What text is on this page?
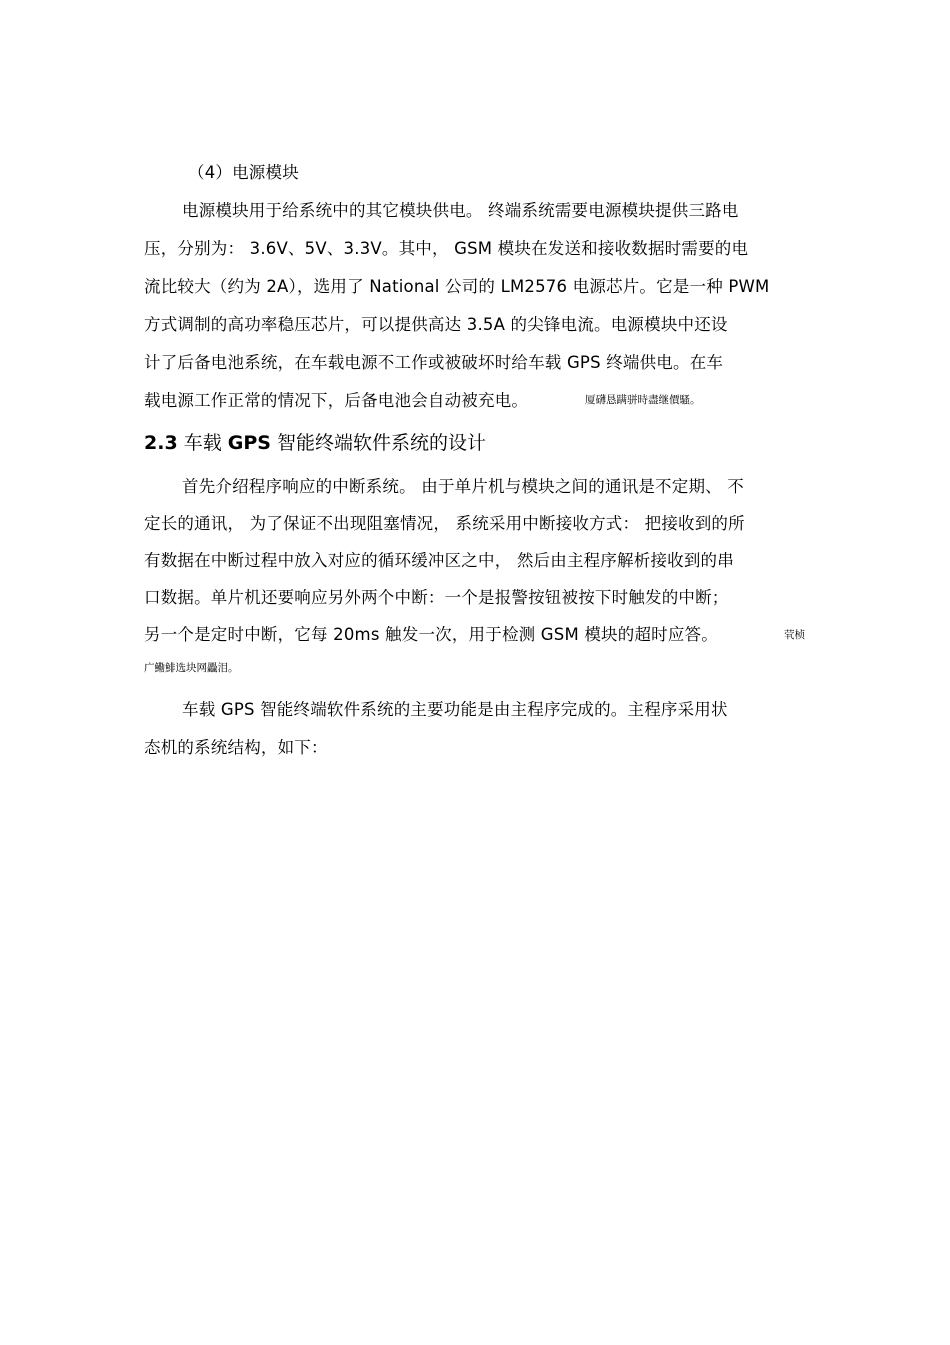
（4）电源模块
电源模块用于给系统中的其它模块供电。 终端系统需要电源模块提供三路电
压，分别为： 3.6V、5V、3.3V。其中， GSM 模块在发送和接收数据时需要的电
流比较大（约为 2A），选用了 National 公司的 LM2576 电源芯片。它是一种 PWM
方式调制的高功率稳压芯片，可以提供高达 3.5A 的尖锋电流。电源模块中还设
计了后备电池系统，在车载电源不工作或被破坏时给车载 GPS 终端供电。在车
载电源工作正常的情况下，后备电池会自动被充电。	厦礴恳蹒骈時盡继價騷。
2.3 车载 GPS 智能终端软件系统的设计
首先介绍程序响应的中断系统。 由于单片机与模块之间的通讯是不定期、 不
定长的通讯， 为了保证不出现阻塞情况， 系统采用中断接收方式： 把接收到的所
有数据在中断过程中放入对应的循环缓冲区之中， 然后由主程序解析接收到的串
口数据。单片机还要响应另外两个中断：一个是报警按钮被按下时触发的中断；
另一个是定时中断，它每 20ms 触发一次，用于检测 GSM 模块的超时应答。	茕桢
广鰳鯡选块网飍泪。
车载 GPS 智能终端软件系统的主要功能是由主程序完成的。主程序采用状
态机的系统结构，如下：
